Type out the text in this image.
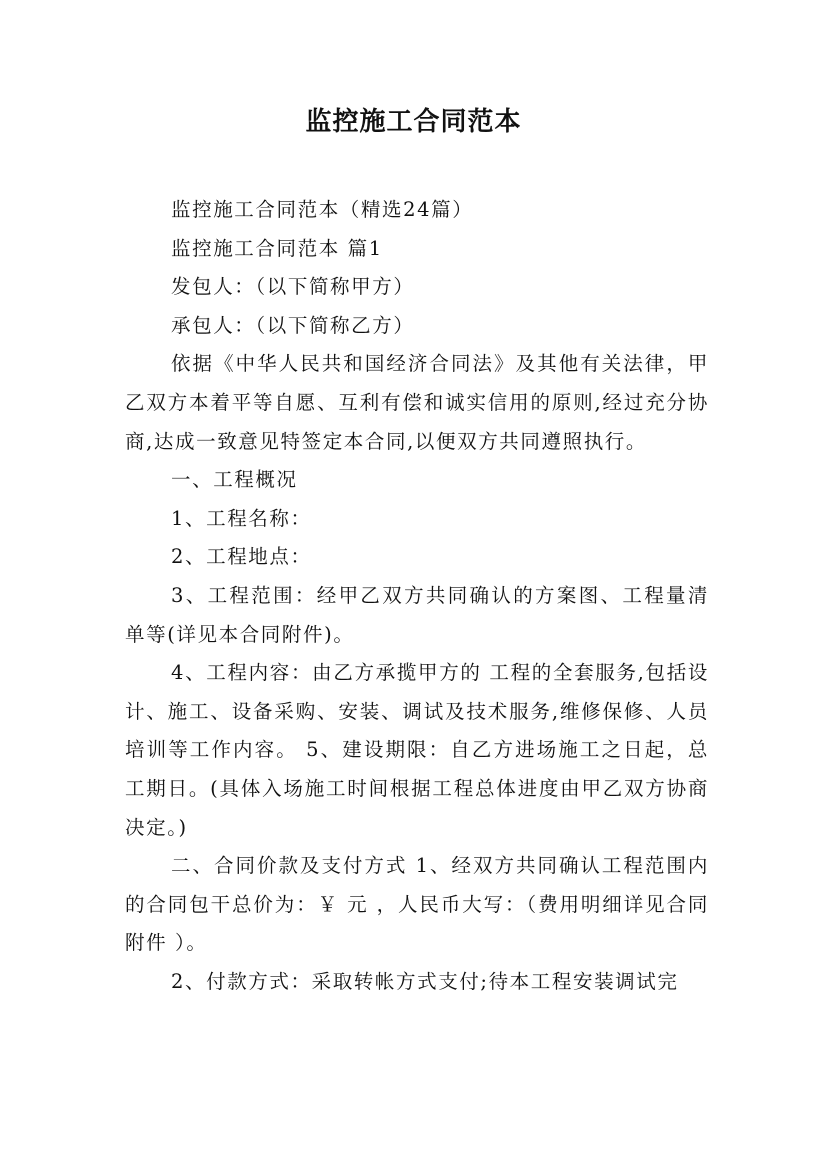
监控施工合同范本

监控施工合同范本（精选24篇）

监控施工合同范本 篇1

发包人：（以下简称甲方）

承包人：（以下简称乙方）

依据《中华人民共和国经济合同法》及其他有关法律，甲乙双方本着平等自愿、互利有偿和诚实信用的原则,经过充分协商,达成一致意见特签定本合同,以便双方共同遵照执行。

一、工程概况

1、工程名称：

2、工程地点：

3、工程范围：经甲乙双方共同确认的方案图、工程量清单等(详见本合同附件)。

4、工程内容：由乙方承揽甲方的 工程的全套服务,包括设计、施工、设备采购、安装、调试及技术服务,维修保修、人员培训等工作内容。 5、建设期限：自乙方进场施工之日起，总工期日。(具体入场施工时间根据工程总体进度由甲乙双方协商决定。)

二、合同价款及支付方式 1、经双方共同确认工程范围内的合同包干总价为：￥ 元 ，人民币大写：（费用明细详见合同附件 ）。

2、付款方式：采取转帐方式支付;待本工程安装调试完
